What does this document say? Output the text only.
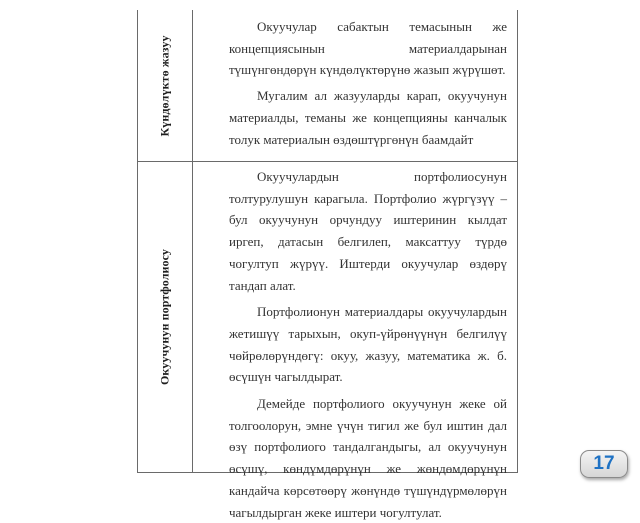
Күндөлүктө жазуу

Окуучулар сабактын темасынын же концепциясынын материалдарынан түшүнгөндөрүн күндөлүктөрүнө жазып жүрүшөт.

Мугалим ал жазууларды карап, окуучунун материалды, теманы же концепцияны канчалык толук материалын өздөштүргөнүн баамдайт

Окуучунун портфолиосу

Окуучулардын портфолиосунун толтурулушун карагыла. Портфолио жүргүзүү – бул окуучунун орчундуу иштеринин кылдат иргеп, датасын белгилеп, максаттуу түрдө чогултуп жүрүү. Иштерди окуучулар өздөрү тандап алат.

Портфолионун материалдары окуучулардын жетишүү тарыхын, окуп-үйрөнүүнүн белгилүү чөйрөлөрүндөгү: окуу, жазуу, математика ж. б. өсүшүн чагылдырат.

Демейде портфолиого окуучунун жеке ой толгоолорун, эмне үчүн тигил же бул иштин дал өзү портфолиого тандалгандыгы, ал окуучунун өсүшү, көндүмдөрүнүн же жөндөмдөрүнүн кандайча көрсөтөөрү жөнүндө түшүндүрмөлөрүн чагылдырган жеке иштери чогултулат.

17
